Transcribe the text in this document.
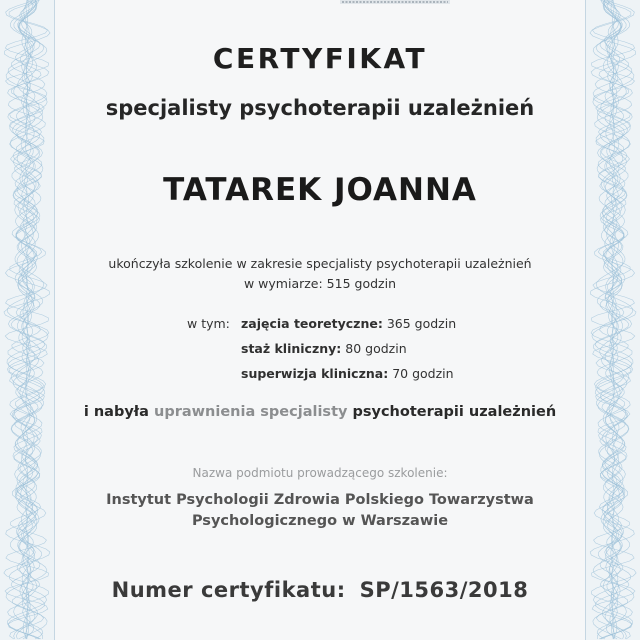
CERTYFIKAT
specjalisty psychoterapii uzależnień
TATAREK JOANNA
ukończyła szkolenie w zakresie specjalisty psychoterapii uzależnień
w wymiarze: 515 godzin
w tym: zajęcia teoretyczne: 365 godzin
staż kliniczny: 80 godzin
superwizja kliniczna: 70 godzin
i nabyła uprawnienia specjalisty psychoterapii uzależnień
Nazwa podmiotu prowadzącego szkolenie:
Instytut Psychologii Zdrowia Polskiego Towarzystwa
Psychologicznego w Warszawie
Numer certyfikatu: SP/1563/2018
